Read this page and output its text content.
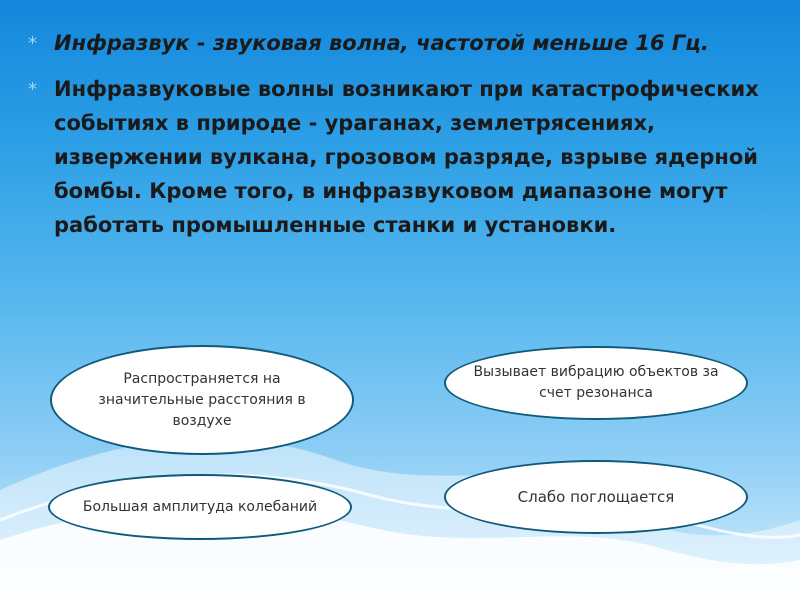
* Инфразвук - звуковая волна, частотой меньше 16 Гц.
* Инфразвуковые волны возникают при катастрофических событиях в природе - ураганах, землетрясениях, извержении вулкана, грозовом разряде, взрыве ядерной бомбы. Кроме того, в инфразвуковом диапазоне могут работать промышленные станки и установки.
Распространяется на значительные расстояния в воздухе
Вызывает вибрацию объектов за счет резонанса
Большая амплитуда колебаний
Слабо поглощается
